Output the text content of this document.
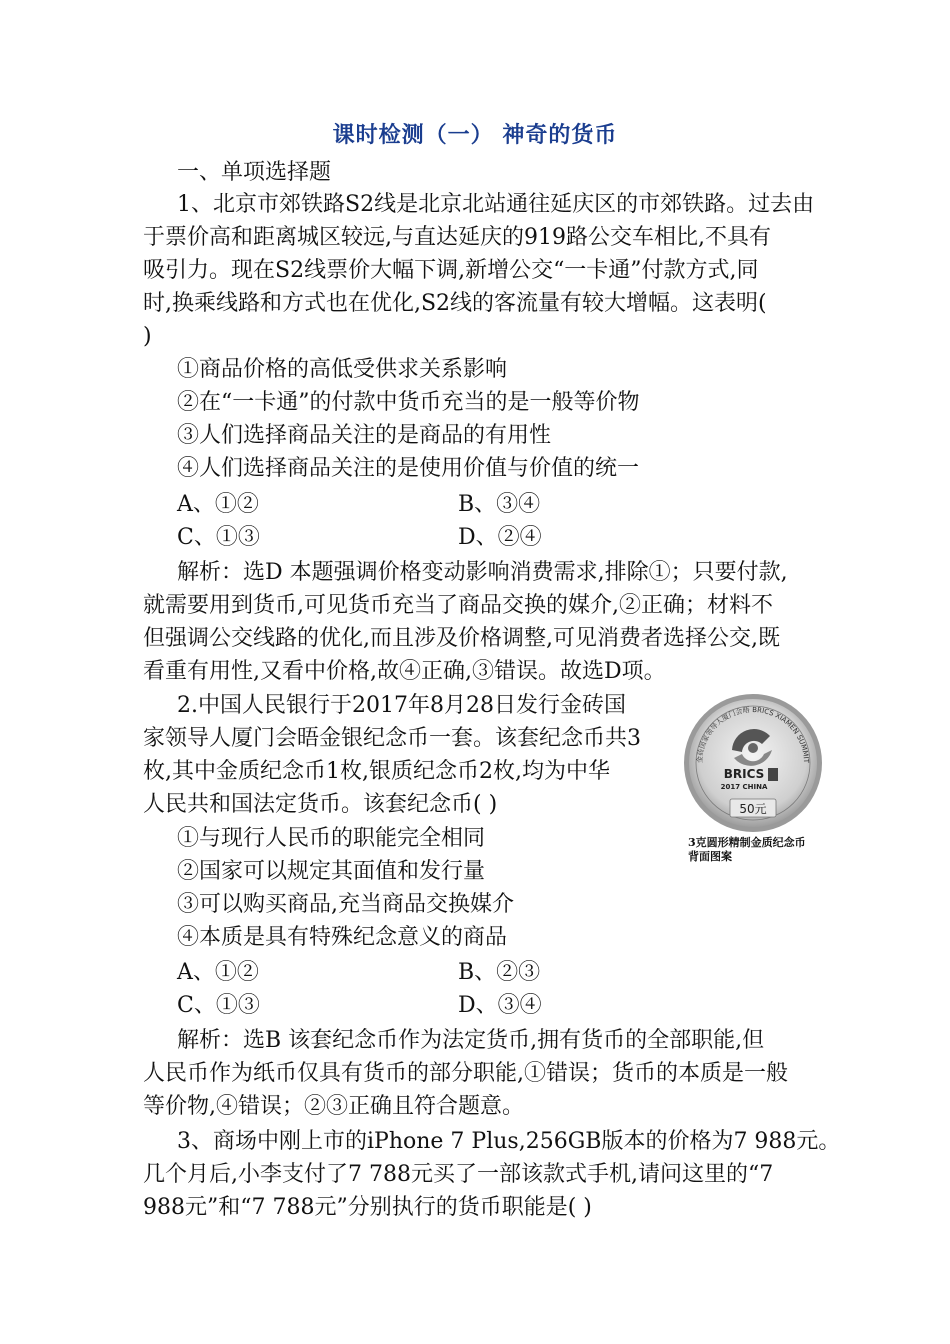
课时检测（一） 神奇的货币
一、单项选择题
1、北京市郊铁路S2线是北京北站通往延庆区的市郊铁路。过去由
于票价高和距离城区较远,与直达延庆的919路公交车相比,不具有
吸引力。现在S2线票价大幅下调,新增公交“一卡通”付款方式,同
时,换乘线路和方式也在优化,S2线的客流量有较大增幅。这表明(
)
①商品价格的高低受供求关系影响
②在“一卡通”的付款中货币充当的是一般等价物
③人们选择商品关注的是商品的有用性
④人们选择商品关注的是使用价值与价值的统一
A、①②	B、③④
C、①③	D、②④
解析：选D 本题强调价格变动影响消费需求,排除①；只要付款,
就需要用到货币,可见货币充当了商品交换的媒介,②正确；材料不
但强调公交线路的优化,而且涉及价格调整,可见消费者选择公交,既
看重有用性,又看中价格,故④正确,③错误。故选D项。
2.中国人民银行于2017年8月28日发行金砖国
家领导人厦门会晤金银纪念币一套。该套纪念币共3
枚,其中金质纪念币1枚,银质纪念币2枚,均为中华
人民共和国法定货币。该套纪念币( )
①与现行人民币的职能完全相同
②国家可以规定其面值和发行量
③可以购买商品,充当商品交换媒介
④本质是具有特殊纪念意义的商品
A、①②	B、②③
C、①③	D、③④
解析：选B 该套纪念币作为法定货币,拥有货币的全部职能,但
人民币作为纸币仅具有货币的部分职能,①错误；货币的本质是一般
等价物,④错误；②③正确且符合题意。
金砖国家领导人厦门会晤 BRICS XIAMEN SUMMIT
BRICS
2017 CHINA
50元
3克圆形精制金质纪念币
背面图案
3、商场中刚上市的iPhone 7 Plus,256GB版本的价格为7 988元。
几个月后,小李支付了7 788元买了一部该款式手机,请问这里的“7
988元”和“7 788元”分别执行的货币职能是( )
